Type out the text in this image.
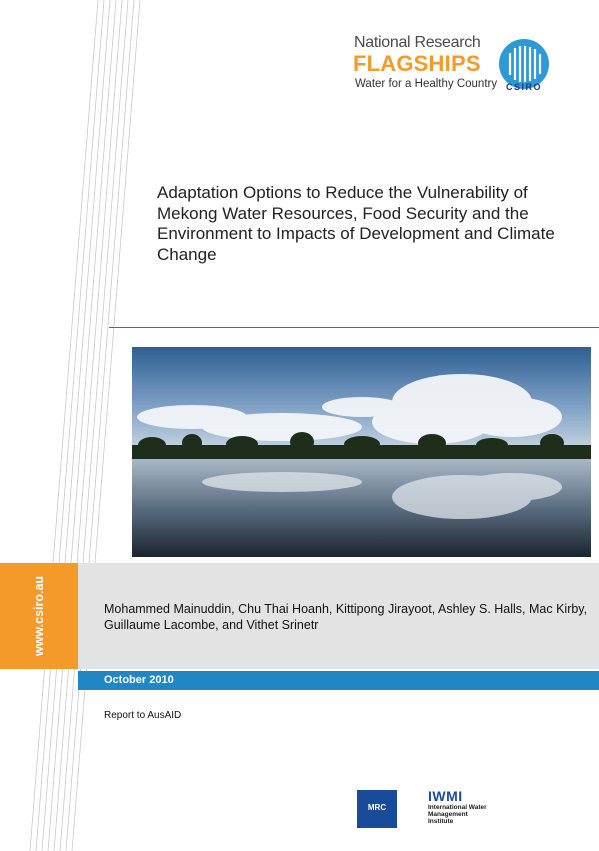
National Research
FLAGSHIPS
Water for a Healthy Country CSIRO
Adaptation Options to Reduce the Vulnerability of Mekong Water Resources, Food Security and the Environment to Impacts of Development and Climate Change
www.csiro.au	Mohammed Mainuddin, Chu Thai Hoanh, Kittipong Jirayoot, Ashley S. Halls, Mac Kirby, Guillaume Lacombe, and Vithet Srinetr
October 2010
Report to AusAID
MRC
IWMI
International Water Management Institute
